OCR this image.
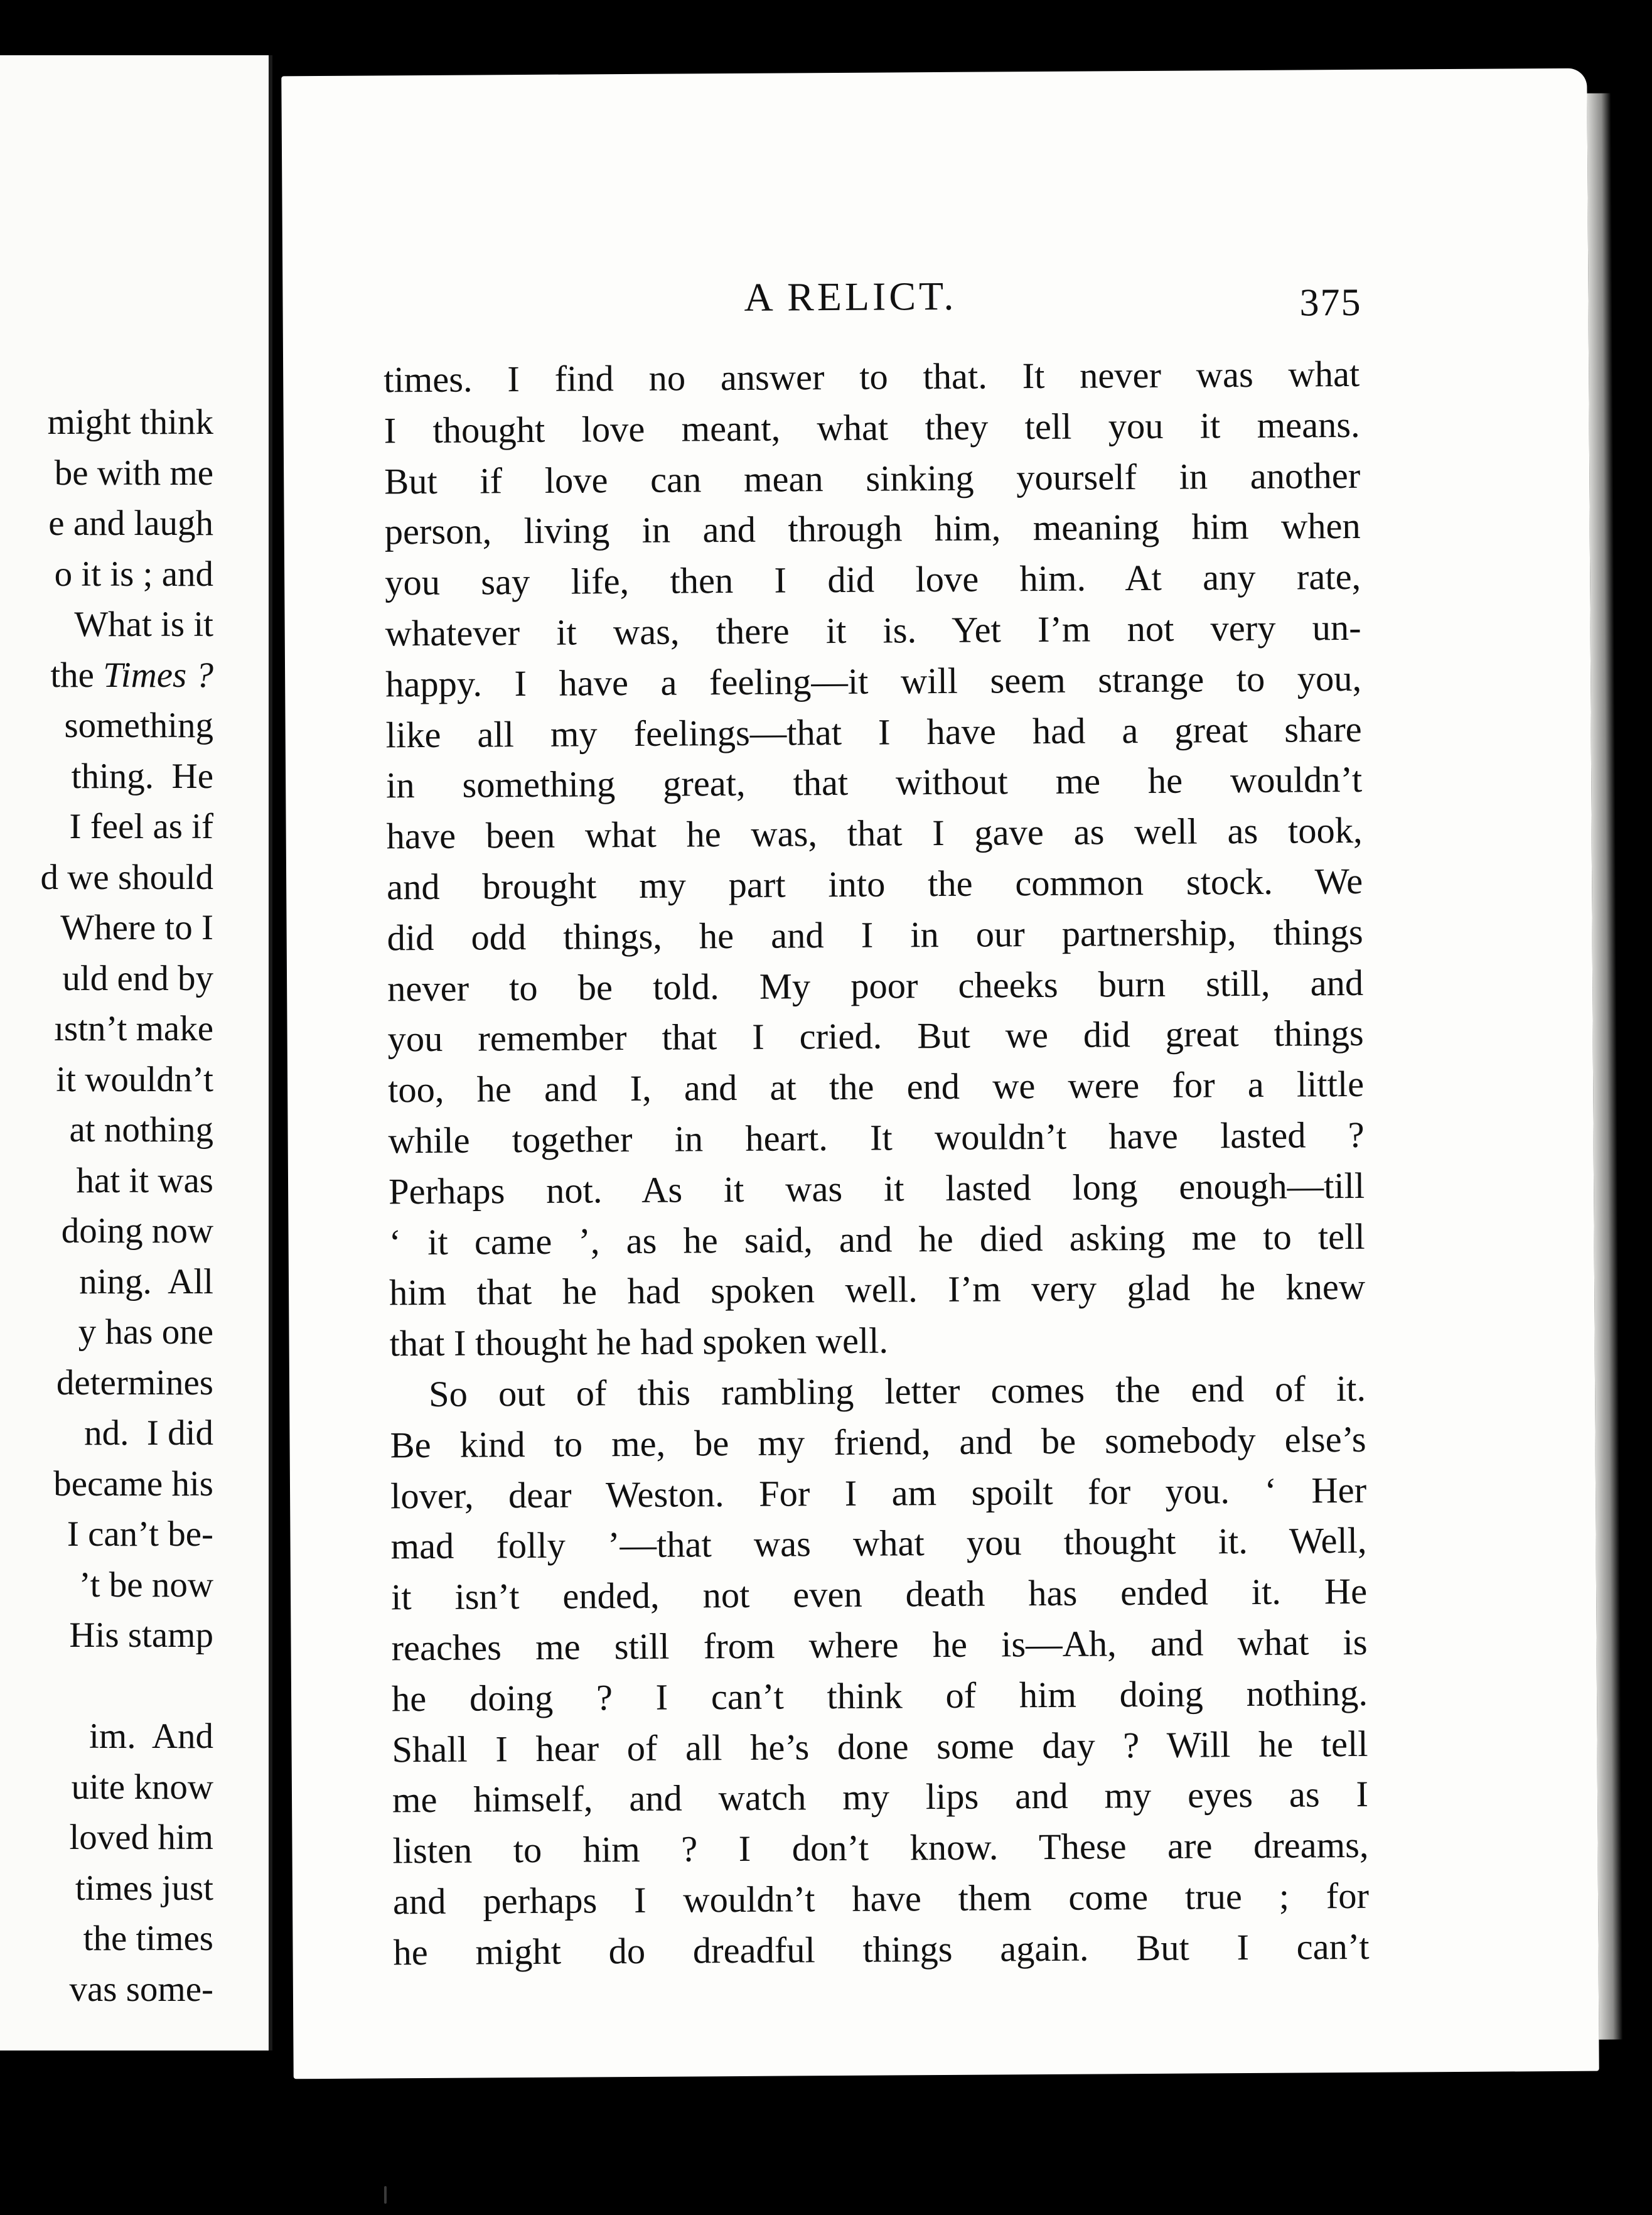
might think
be with me
e and laugh
o it is ; and
What is it
the Times ?
something
thing.  He
I feel as if
d we should
Where to I
uld end by
ıstn’t make
it wouldn’t
at nothing
hat it was
doing now
ning.  All
y has one
determines
nd.  I did
became his
I can’t be-
’t be now
His stamp
im.  And
uite know
loved him
times just
the times
vas some-
A RELICT.	375
times. I find no answer to that. It never was what
I thought love meant, what they tell you it means.
But if love can mean sinking yourself in another
person, living in and through him, meaning him when
you say life, then I did love him. At any rate,
whatever it was, there it is. Yet I’m not very un-
happy. I have a feeling—it will seem strange to you,
like all my feelings—that I have had a great share
in something great, that without me he wouldn’t
have been what he was, that I gave as well as took,
and brought my part into the common stock. We
did odd things, he and I in our partnership, things
never to be told. My poor cheeks burn still, and
you remember that I cried. But we did great things
too, he and I, and at the end we were for a little
while together in heart. It wouldn’t have lasted ?
Perhaps not. As it was it lasted long enough—till
‘ it came ’, as he said, and he died asking me to tell
him that he had spoken well. I’m very glad he knew
that I thought he had spoken well.
So out of this rambling letter comes the end of it.
Be kind to me, be my friend, and be somebody else’s
lover, dear Weston. For I am spoilt for you. ‘ Her
mad folly ’—that was what you thought it. Well,
it isn’t ended, not even death has ended it. He
reaches me still from where he is—Ah, and what is
he doing ? I can’t think of him doing nothing.
Shall I hear of all he’s done some day ? Will he tell
me himself, and watch my lips and my eyes as I
listen to him ? I don’t know. These are dreams,
and perhaps I wouldn’t have them come true ; for
he might do dreadful things again. But I can’t
